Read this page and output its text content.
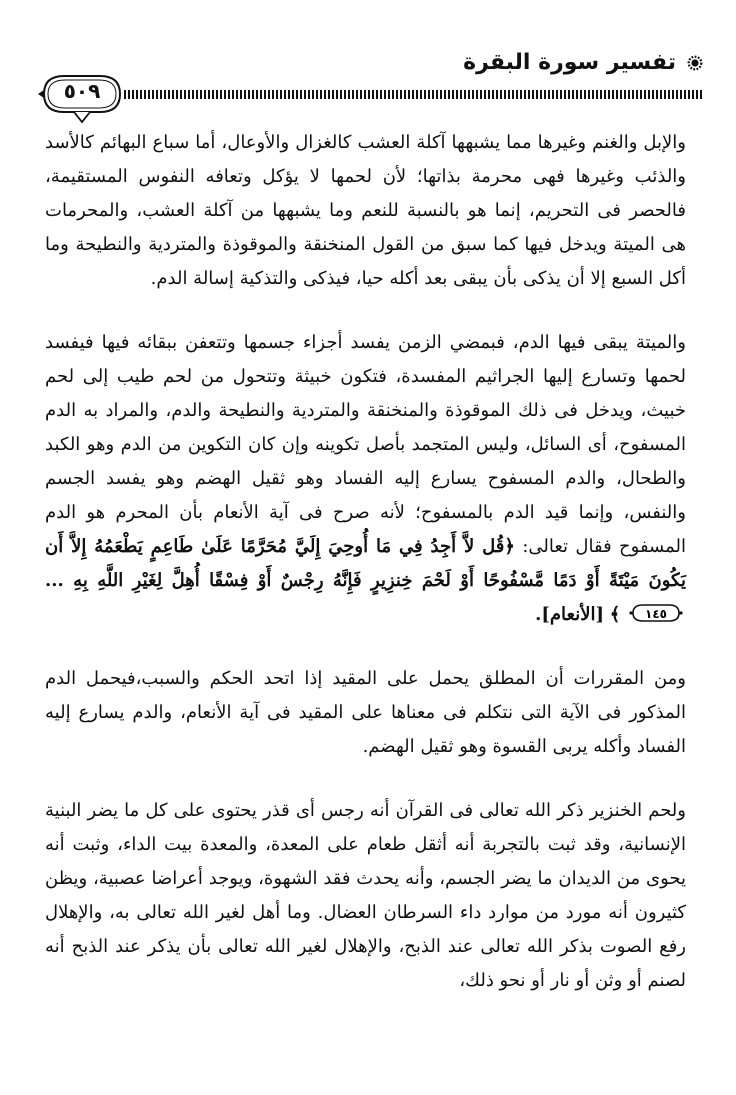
تفسير سورة البقرة
٥٠٩

والإبل والغنم وغيرها مما يشبهها آكلة العشب كالغزال والأوعال، أما سباع البهائم كالأسد والذئب وغيرها فهى محرمة بذاتها؛ لأن لحمها لا يؤكل وتعافه النفوس المستقيمة، فالحصر فى التحريم، إنما هو بالنسبة للنعم وما يشبهها من آكلة العشب، والمحرمات هى الميتة ويدخل فيها كما سبق من القول المنخنقة والموقوذة والمتردية والنطيحة وما أكل السبع إلا أن يذكى بأن يبقى بعد أكله حيا، فيذكى والتذكية إسالة الدم.

والميتة يبقى فيها الدم، فبمضي الزمن يفسد أجزاء جسمها وتتعفن ببقائه فيها فيفسد لحمها وتسارع إليها الجراثيم المفسدة، فتكون خبيثة وتتحول من لحم طيب إلى لحم خبيث، ويدخل فى ذلك الموقوذة والمنخنقة والمتردية والنطيحة والدم، والمراد به الدم المسفوح، أى السائل، وليس المتجمد بأصل تكوينه وإن كان التكوين من الدم وهو الكبد والطحال، والدم المسفوح يسارع إليه الفساد وهو ثقيل الهضم وهو يفسد الجسم والنفس، وإنما قيد الدم بالمسفوح؛ لأنه صرح فى آية الأنعام بأن المحرم هو الدم المسفوح فقال تعالى: ﴿قُل لاَّ أَجِدُ فِي مَا أُوحِيَ إِلَيَّ مُحَرَّمًا عَلَىٰ طَاعِمٍ يَطْعَمُهُ إِلاَّ أَن يَكُونَ مَيْتَةً أَوْ دَمًا مَّسْفُوحًا أَوْ لَحْمَ خِنزِيرٍ فَإِنَّهُ رِجْسٌ أَوْ فِسْقًا أُهِلَّ لِغَيْرِ اللَّهِ بِهِ ...
١٤٥
﴾ [الأنعام].

ومن المقررات أن المطلق يحمل على المقيد إذا اتحد الحكم والسبب،فيحمل الدم المذكور فى الآية التى نتكلم فى معناها على المقيد فى آية الأنعام، والدم يسارع إليه الفساد وأكله يربى القسوة وهو ثقيل الهضم.

ولحم الخنزير ذكر الله تعالى فى القرآن أنه رجس أى قذر يحتوى على كل ما يضر البنية الإنسانية، وقد ثبت بالتجربة أنه أثقل طعام على المعدة، والمعدة بيت الداء، وثبت أنه يحوى من الديدان ما يضر الجسم، وأنه يحدث فقد الشهوة، ويوجد أعراضا عصبية، ويظن كثيرون أنه مورد من موارد داء السرطان العضال. وما أهل لغير الله تعالى به، والإهلال رفع الصوت بذكر الله تعالى عند الذبح، والإهلال لغير الله تعالى بأن يذكر عند الذبح أنه لصنم أو وثن أو نار أو نحو ذلك،
